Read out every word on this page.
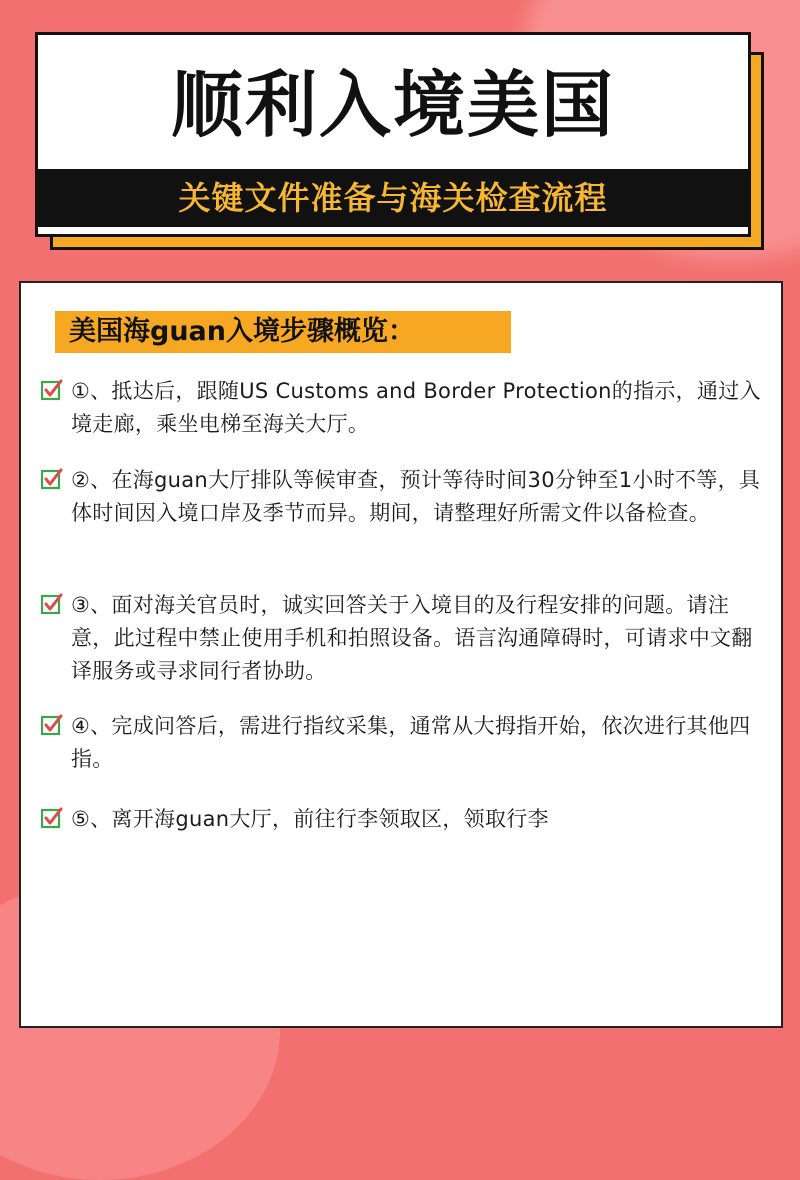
顺利入境美国
关键文件准备与海关检查流程
美国海guan入境步骤概览：
①、抵达后，跟随US Customs and Border Protection的指示，通过入境走廊，乘坐电梯至海关大厅。
②、在海guan大厅排队等候审查，预计等待时间30分钟至1小时不等，具体时间因入境口岸及季节而异。期间，请整理好所需文件以备检查。
③、面对海关官员时，诚实回答关于入境目的及行程安排的问题。请注意，此过程中禁止使用手机和拍照设备。语言沟通障碍时，可请求中文翻译服务或寻求同行者协助。
④、完成问答后，需进行指纹采集，通常从大拇指开始，依次进行其他四指。
⑤、离开海guan大厅，前往行李领取区，领取行李
